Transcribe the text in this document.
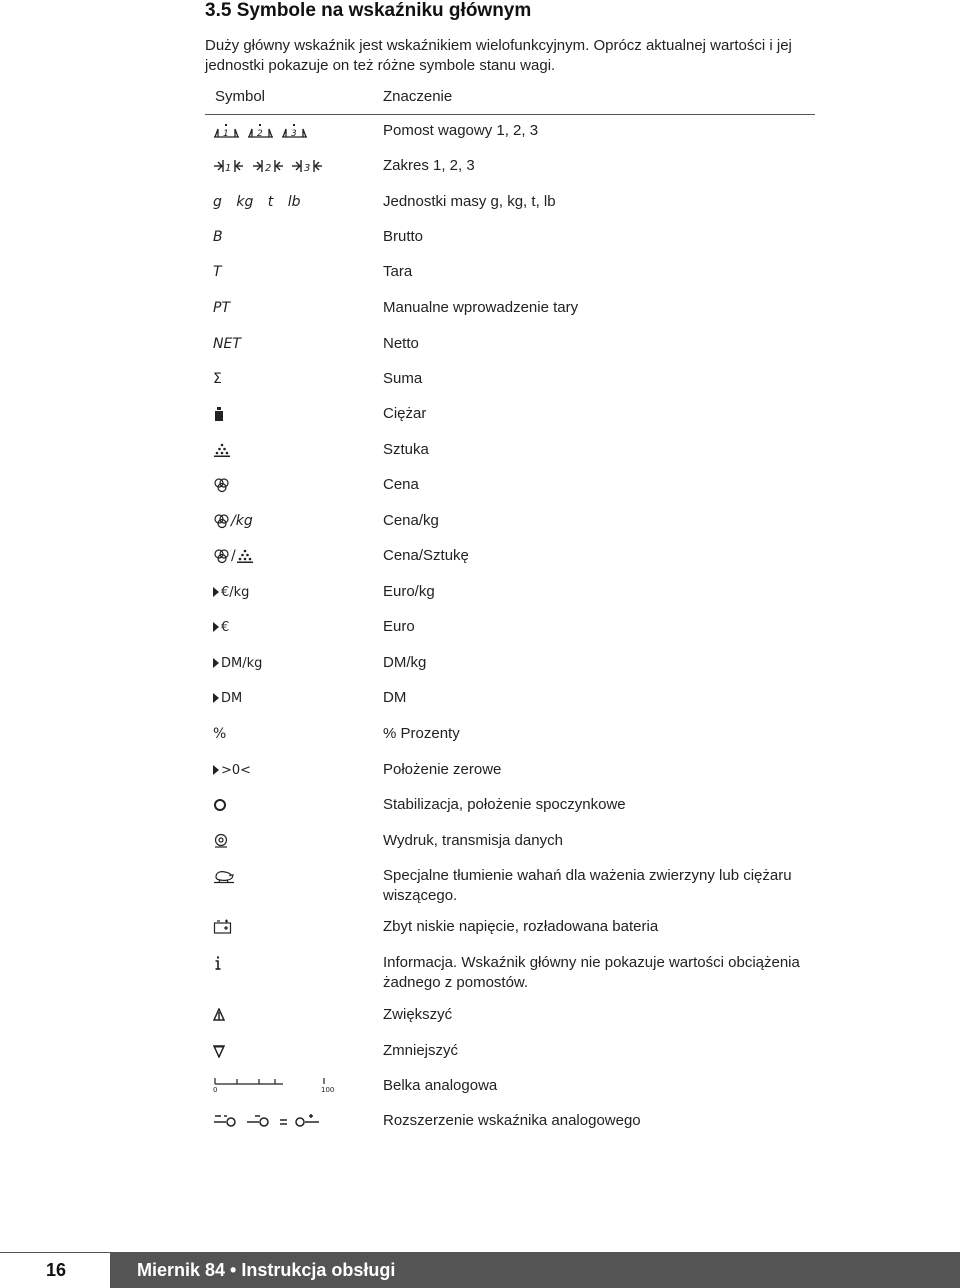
3.5 Symbole na wskaźniku głównym
Duży główny wskaźnik jest wskaźnikiem wielofunkcyjnym. Oprócz aktualnej wartości i jej jednostki pokazuje on też różne symbole stanu wagi.
Symbol	Znaczenie
1	2	3	Pomost wagowy 1, 2, 3
1	2	3	Zakres 1, 2, 3
g kg t lb	Jednostki masy g, kg, t, lb
B	Brutto
T	Tara
PT	Manualne wprowadzenie tary
NET	Netto
Σ	Suma
Ciężar
Sztuka
Cena
/kg	Cena/kg
/	Cena/Sztukę
€/kg	Euro/kg
€	Euro
DM/kg	DM/kg
DM	DM
%	% Prozenty
>0<	Położenie zerowe
Stabilizacja, położenie spoczynkowe
Wydruk, transmisja danych
Specjalne tłumienie wahań dla ważenia zwierzyny lub ciężaru wiszącego.
Zbyt niskie napięcie, rozładowana bateria
Informacja. Wskaźnik główny nie pokazuje wartości obciążenia żadnego z pomostów.
Zwiększyć
Zmniejszyć
0	100	Belka analogowa
Rozszerzenie wskaźnika analogowego
16	Miernik 84 • Instrukcja obsługi
